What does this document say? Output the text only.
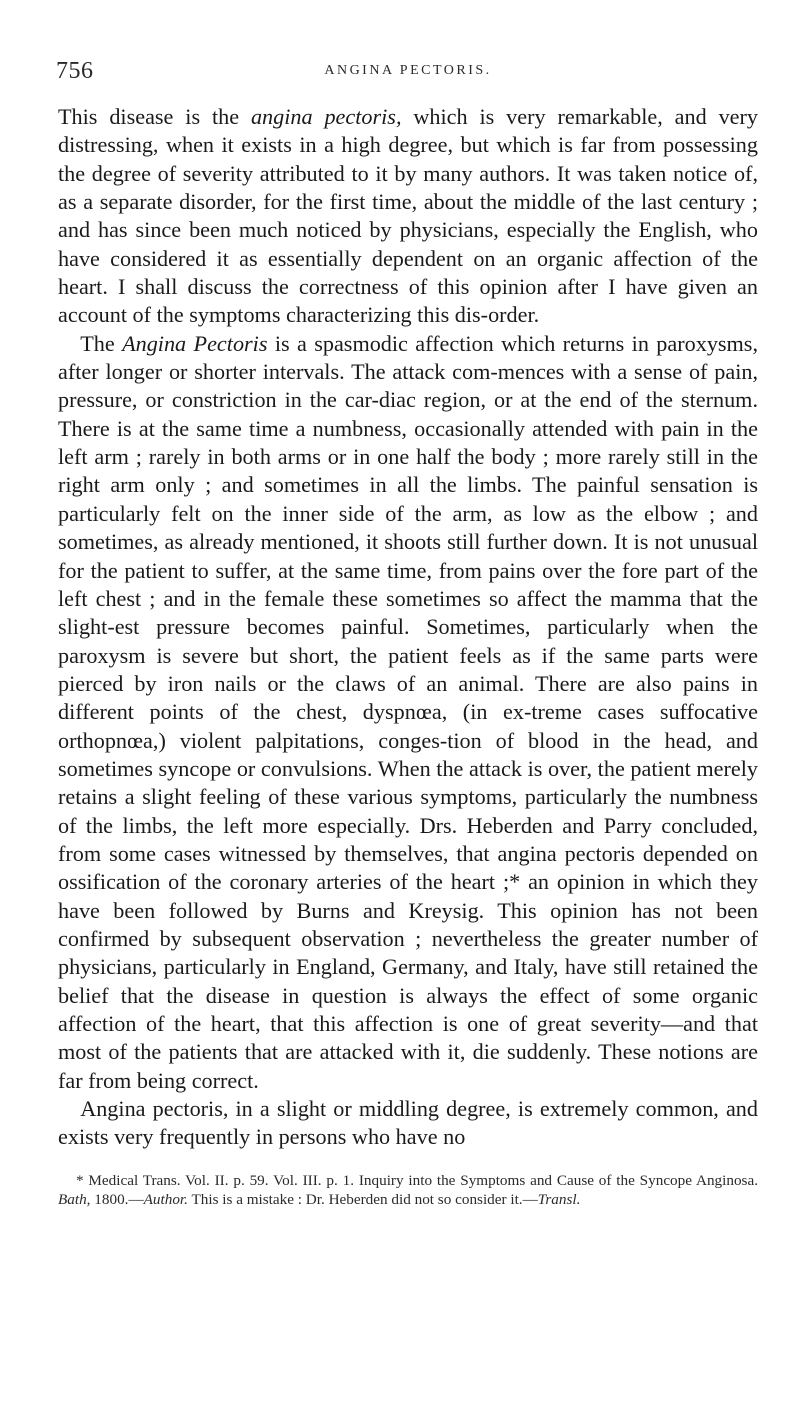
756	ANGINA PECTORIS.

This disease is the angina pectoris, which is very remarkable, and very distressing, when it exists in a high degree, but which is far from possessing the degree of severity attributed to it by many authors. It was taken notice of, as a separate disorder, for the first time, about the middle of the last century ; and has since been much noticed by physicians, especially the English, who have considered it as essentially dependent on an organic affection of the heart. I shall discuss the correctness of this opinion after I have given an account of the symptoms characterizing this dis-order.

 The Angina Pectoris is a spasmodic affection which returns in paroxysms, after longer or shorter intervals. The attack com-mences with a sense of pain, pressure, or constriction in the car-diac region, or at the end of the sternum. There is at the same time a numbness, occasionally attended with pain in the left arm ; rarely in both arms or in one half the body ; more rarely still in the right arm only ; and sometimes in all the limbs. The painful sensation is particularly felt on the inner side of the arm, as low as the elbow ; and sometimes, as already mentioned, it shoots still further down. It is not unusual for the patient to suffer, at the same time, from pains over the fore part of the left chest ; and in the female these sometimes so affect the mamma that the slight-est pressure becomes painful. Sometimes, particularly when the paroxysm is severe but short, the patient feels as if the same parts were pierced by iron nails or the claws of an animal. There are also pains in different points of the chest, dyspnœa, (in ex-treme cases suffocative orthopnœa,) violent palpitations, conges-tion of blood in the head, and sometimes syncope or convulsions. When the attack is over, the patient merely retains a slight feeling of these various symptoms, particularly the numbness of the limbs, the left more especially. Drs. Heberden and Parry concluded, from some cases witnessed by themselves, that angina pectoris depended on ossification of the coronary arteries of the heart ;* an opinion in which they have been followed by Burns and Kreysig. This opinion has not been confirmed by subsequent observation ; nevertheless the greater number of physicians, particularly in England, Germany, and Italy, have still retained the belief that the disease in question is always the effect of some organic affection of the heart, that this affection is one of great severity—and that most of the patients that are attacked with it, die suddenly. These notions are far from being correct.

 Angina pectoris, in a slight or middling degree, is extremely common, and exists very frequently in persons who have no

* Medical Trans. Vol. II. p. 59. Vol. III. p. 1. Inquiry into the Symptoms and Cause of the Syncope Anginosa. Bath, 1800.—Author. This is a mistake : Dr. Heberden did not so consider it.—Transl.
